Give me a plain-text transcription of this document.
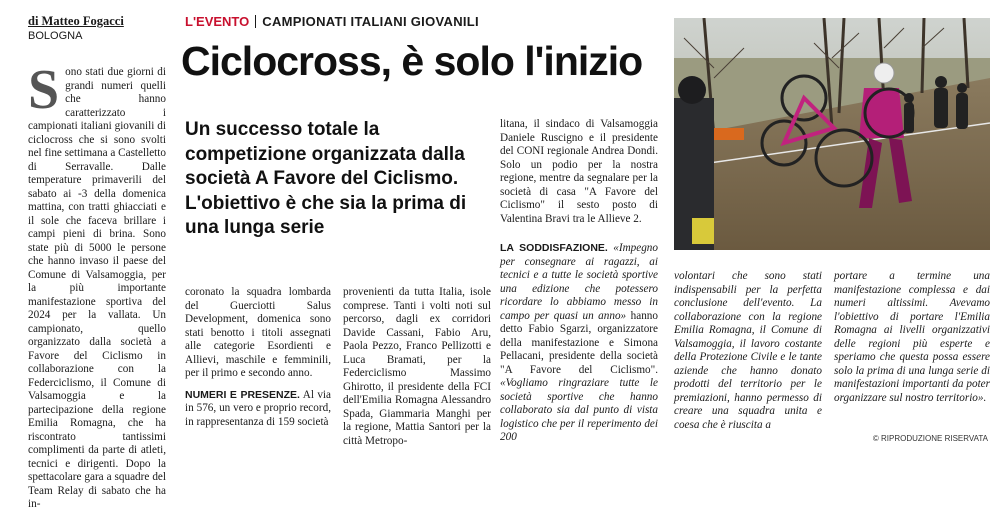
di Matteo Fogacci
BOLOGNA
S ono stati due giorni di grandi numeri quelli che hanno caratterizzato i campionati italiani giovanili di ciclocross che si sono svolti nel fine settimana a Castelletto di Serravalle. Dalle temperature primaverili del sabato ai -3 della domenica mattina, con tratti ghiacciati e il sole che faceva brillare i campi pieni di brina. Sono state più di 5000 le persone che hanno invaso il paese del Comune di Valsamoggia, per la più importante manifestazione sportiva del 2024 per la vallata. Un campionato, quello organizzato dalla società a Favore del Ciclismo in collaborazione con la Federciclismo, il Comune di Valsamoggia e la partecipazione della regione Emilia Romagna, che ha riscontrato tantissimi complimenti da parte di atleti, tecnici e dirigenti. Dopo la spettacolare gara a squadre del Team Relay di sabato che ha in-
L'EVENTO CAMPIONATI ITALIANI GIOVANILI
Ciclocross, è solo l'inizio
Un successo totale la competizione organizzata dalla società A Favore del Ciclismo. L'obiettivo è che sia la prima di una lunga serie
litana, il sindaco di Valsamoggia Daniele Ruscigno e il presidente del CONI regionale Andrea Dondi. Solo un podio per la nostra regione, mentre da segnalare per la società di casa "A Favore del Ciclismo" il sesto posto di Valentina Bravi tra le Allieve 2.
coronato la squadra lombarda del Guerciotti Salus Development, domenica sono stati benotto i titoli assegnati alle categorie Esordienti e Allievi, maschile e femminili, per il primo e secondo anno.
NUMERI E PRESENZE. Al via in 576, un vero e proprio record, in rappresentanza di 159 società
provenienti da tutta Italia, isole comprese. Tanti i volti noti sul percorso, dagli ex corridori Davide Cassani, Fabio Aru, Paola Pezzo, Franco Pellizotti e Luca Bramati, per la Federciclismo Massimo Ghirotto, il presidente della FCI dell'Emilia Romagna Alessandro Spada, Giammaria Manghi per la regione, Mattia Santori per la città Metropo-
LA SODDISFAZIONE. «Impegno per consegnare ai ragazzi, ai tecnici e a tutte le società sportive una edizione che potessero ricordare lo abbiamo messo in campo per quasi un anno» hanno detto Fabio Sgarzi, organizzatore della manifestazione e Simona Pellacani, presidente della società "A Favore del Ciclismo". «Vogliamo ringraziare tutte le società sportive che hanno collaborato sia dal punto di vista logistico che per il reperimento dei 200
volontari che sono stati indispensabili per la perfetta conclusione dell'evento. La collaborazione con la regione Emilia Romagna, il Comune di Valsamoggia, il lavoro costante della Protezione Civile e le tante aziende che hanno donato prodotti del territorio per le premiazioni, hanno permesso di creare una squadra unita e coesa che è riuscita a
portare a termine una manifestazione complessa e dai numeri altissimi. Avevamo l'obiettivo di portare l'Emilia Romagna ai livelli organizzativi delle regioni più esperte e speriamo che questa possa essere solo la prima di una lunga serie di manifestazioni importanti da poter organizzare sul nostro territorio».
© RIPRODUZIONE RISERVATA
